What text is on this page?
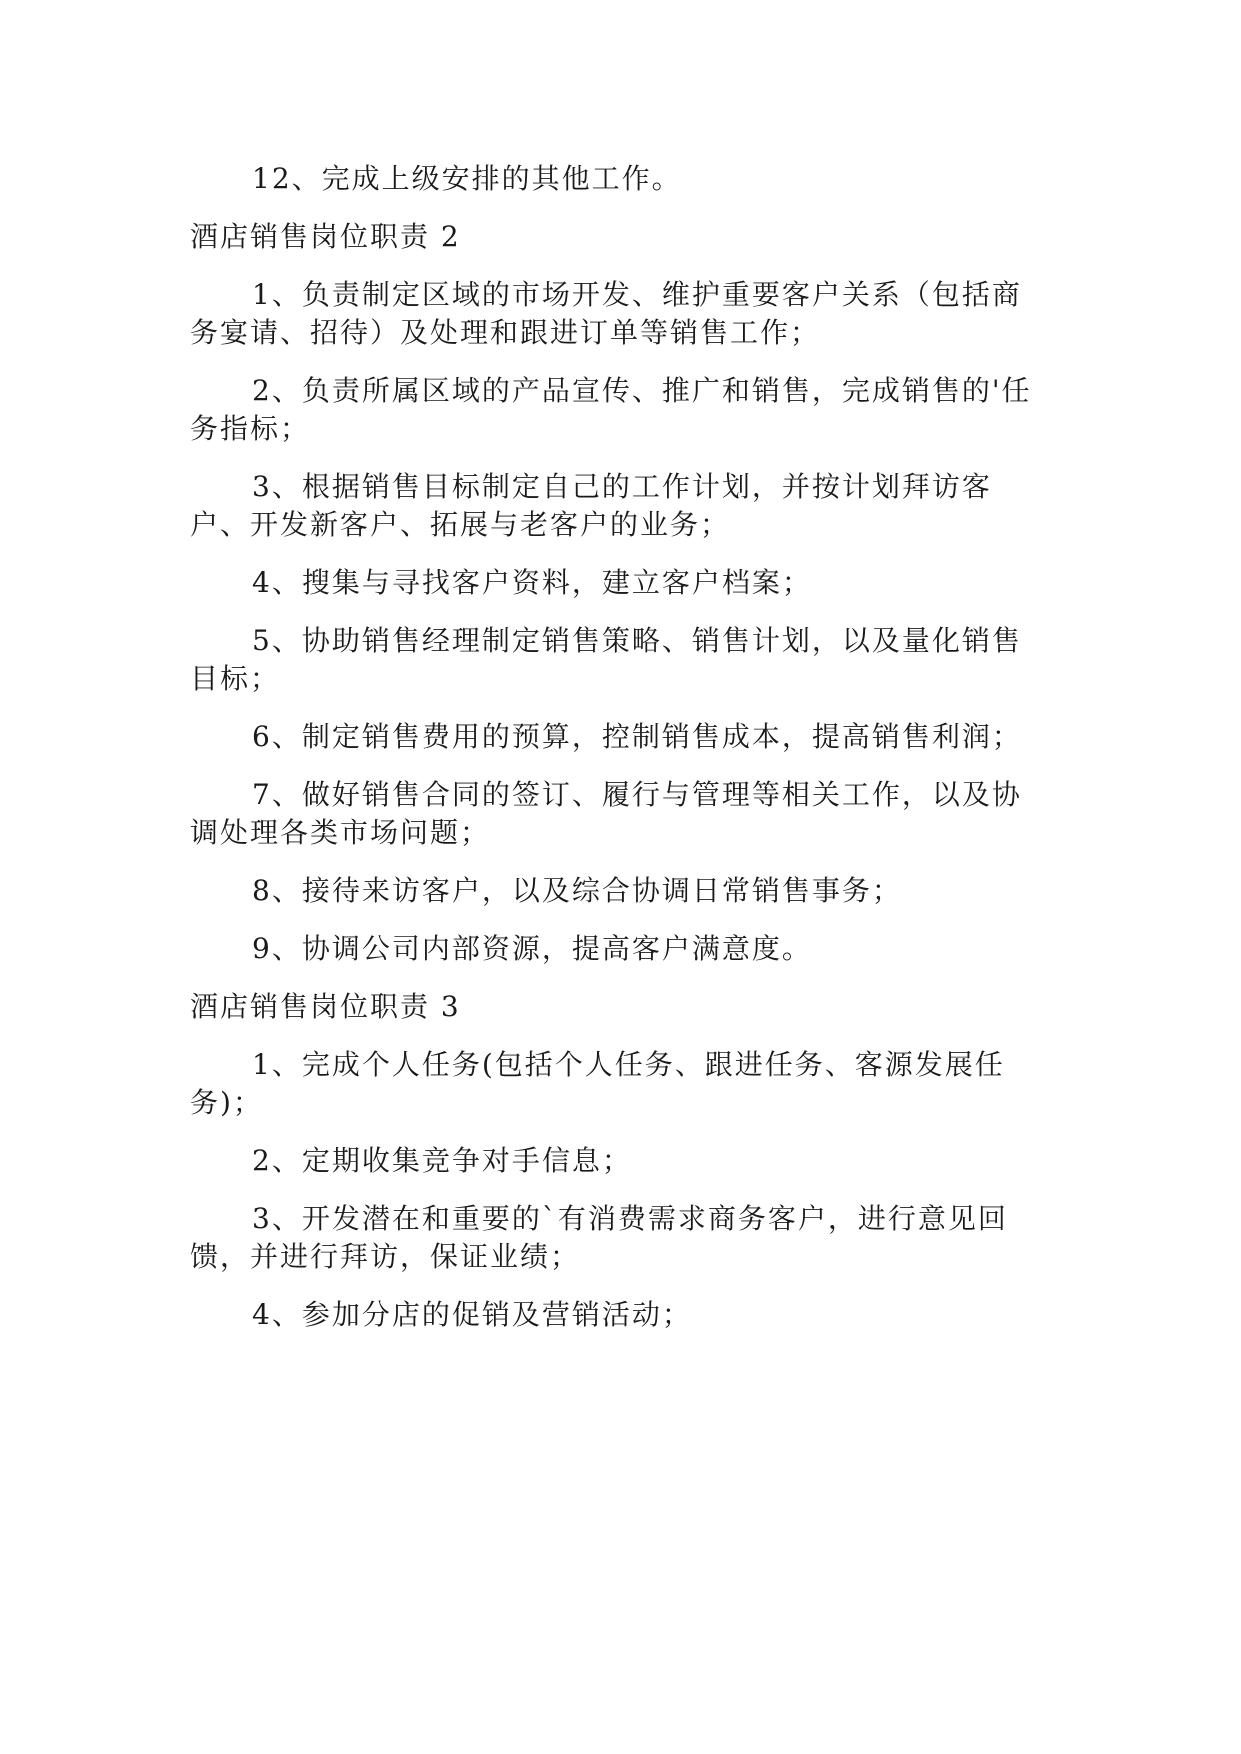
12、完成上级安排的其他工作。

酒店销售岗位职责 2

1、负责制定区域的市场开发、维护重要客户关系（包括商务宴请、招待）及处理和跟进订单等销售工作；

2、负责所属区域的产品宣传、推广和销售，完成销售的'任务指标；

3、根据销售目标制定自己的工作计划，并按计划拜访客户、开发新客户、拓展与老客户的业务；

4、搜集与寻找客户资料，建立客户档案；

5、协助销售经理制定销售策略、销售计划，以及量化销售目标；

6、制定销售费用的预算，控制销售成本，提高销售利润；

7、做好销售合同的签订、履行与管理等相关工作，以及协调处理各类市场问题；

8、接待来访客户，以及综合协调日常销售事务；

9、协调公司内部资源，提高客户满意度。

酒店销售岗位职责 3

1、完成个人任务(包括个人任务、跟进任务、客源发展任务)；

2、定期收集竞争对手信息；

3、开发潜在和重要的`有消费需求商务客户，进行意见回馈，并进行拜访，保证业绩；

4、参加分店的促销及营销活动；
